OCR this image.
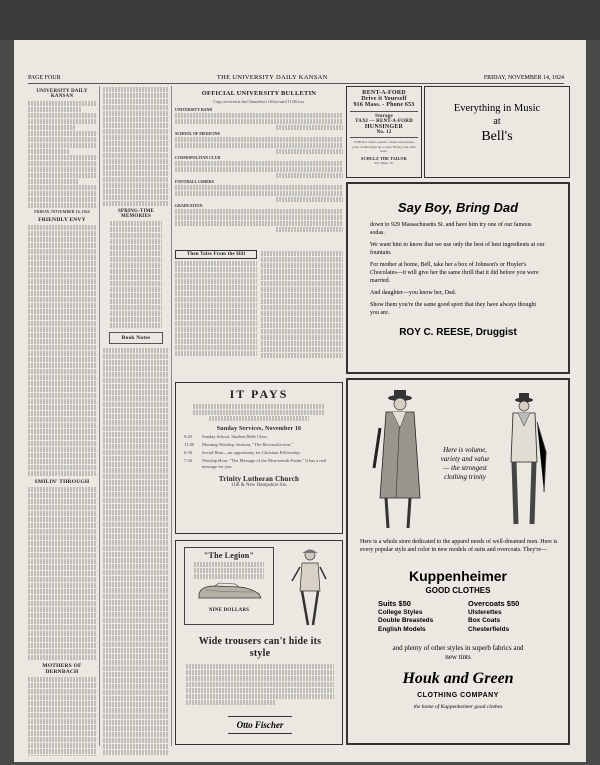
PAGE FOUR	THE UNIVERSITY DAILY KANSAN	FRIDAY, NOVEMBER 14, 1924
UNIVERSITY DAILY KANSAN
FRIDAY, NOVEMBER 14, 1924
FRIENDLY ENVY
SMILIN' THROUGH
MOTHERS OF DERNBACH
SPRING-TIME MEMORIES
Book Notes
OFFICIAL UNIVERSITY BULLETIN
Copy received at the Chancellor's Office until 11:00 a.m.
UNIVERSITY BAND
SCHOOL OF MEDICINE
COSMOPOLITAN CLUB
FOOTBALL USHERS
GRADUATION
Then Tales From the Hill
IT PAYS
Sunday Services, November 16
9:45	Sunday School. Student Bible Class.
11:00	Morning Worship. Sermon, "The Reconcilia-tion."
6:30	Social Hour—an opportunity for Christian Fellowship.
7:30	Worship Hour. "The Message of the Nine-teenth Psalm." It has a real message for you.
Trinity Lutheran Church
11th & New Hampshire Sts.
"The Legion"
NINE DOLLARS
Wide trousers can't hide its style
Otto Fischer
RENT-A-FORD
Drive it Yourself
916 Mass. - Phone 653
Storage
TAXI — RENT-A-FORD
HUNSINGER
No. 12
SCHULZ alters, repairs, cleans and presses your clothes right up to now. Bring your suits here.
SCHULZ THE TAILOR
927 Mass. St.
Everything in Music
at
Bell's
Say Boy, Bring Dad
down to 929 Massachusetts St. and have him try one of our famous sodas.
We want him to know that we use only the best of best ingredients at our fountain.
For mother at home, Bell, take her a box of Johnson's or Huyler's Chocolates—it will give her the same thrill that it did before you were married.
And daughter—you know her, Dad.
Show them you're the same good sport that they have always thought you are.
ROY C. REESE, Druggist
Here is volume,
variety and value
— the strongest
clothing trinity
Here is a whole store dedicated to the apparel needs of well-dreamed men. Here is every popular style and color in new models of suits and overcoats. They're—
Kuppenheimer
GOOD CLOTHES
Suits $50
College Styles
Double Breasteds
English Models
Overcoats $50
Ulsterettes
Box Coats
Chesterfields
and plenty of other styles in superb fabrics and new tints
Houk and Green
CLOTHING COMPANY
the home of Kuppenheimer good clothes
